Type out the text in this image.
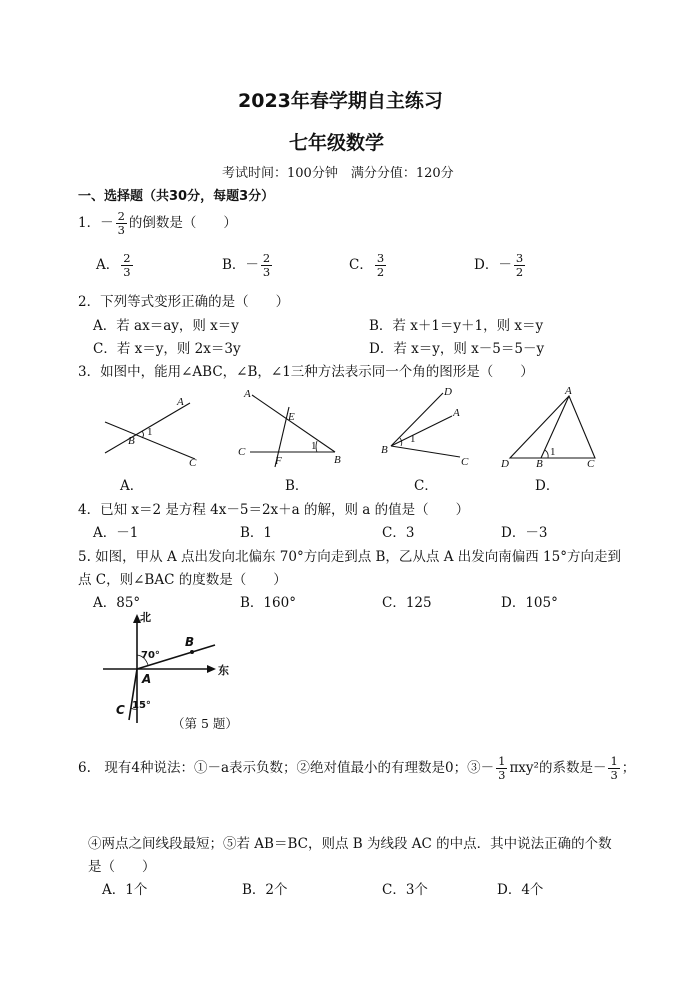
2023年春学期自主练习
七年级数学
考试时间：100分钟　满分分值：120分
一、选择题（共30分，每题3分）
1．－ $\frac{2}{3}$ 的倒数是（　　）
A． $\frac{2}{3}$	B．－ $\frac{2}{3}$	C． $\frac{3}{2}$	D．－ $\frac{3}{2}$
2．下列等式变形正确的是（　　）
A．若 ax＝ay，则 x＝y	B．若 x＋1＝y＋1，则 x＝y
C．若 x＝y，则 2x＝3y	D．若 x＝y，则 x－5＝5－y
3．如图中，能用∠ABC，∠B，∠1三种方法表示同一个角的图形是（　　）
A
B
C
1
A
E
C
F	B
1
D
A
B
C
1
A
D B	C
1
A．	B．	C．	D．
4．已知 x＝2 是方程 4x－5＝2x＋a 的解，则 a 的值是（　　）
A．－1	B．1	C．3	D．－3
5. 如图，甲从 A 点出发向北偏东 70°方向走到点 B，乙从点 A 出发向南偏西 15°方向走到
点 C，则∠BAC 的度数是（　　）
A．85°	B．160°	C．125	D．105°
北
东
B
A
C
70°
15°
（第 5 题）
6.　现有4种说法：①－a表示负数；②绝对值最小的有理数是0；③－ $\frac{1}{3} \pi xy^2$的系数是－ $\frac{1}{3}$ ；
④两点之间线段最短；⑤若 AB＝BC，则点 B 为线段 AC 的中点．其中说法正确的个数
是（　　）
A．1个	B．2个	C．3个	D．4个
